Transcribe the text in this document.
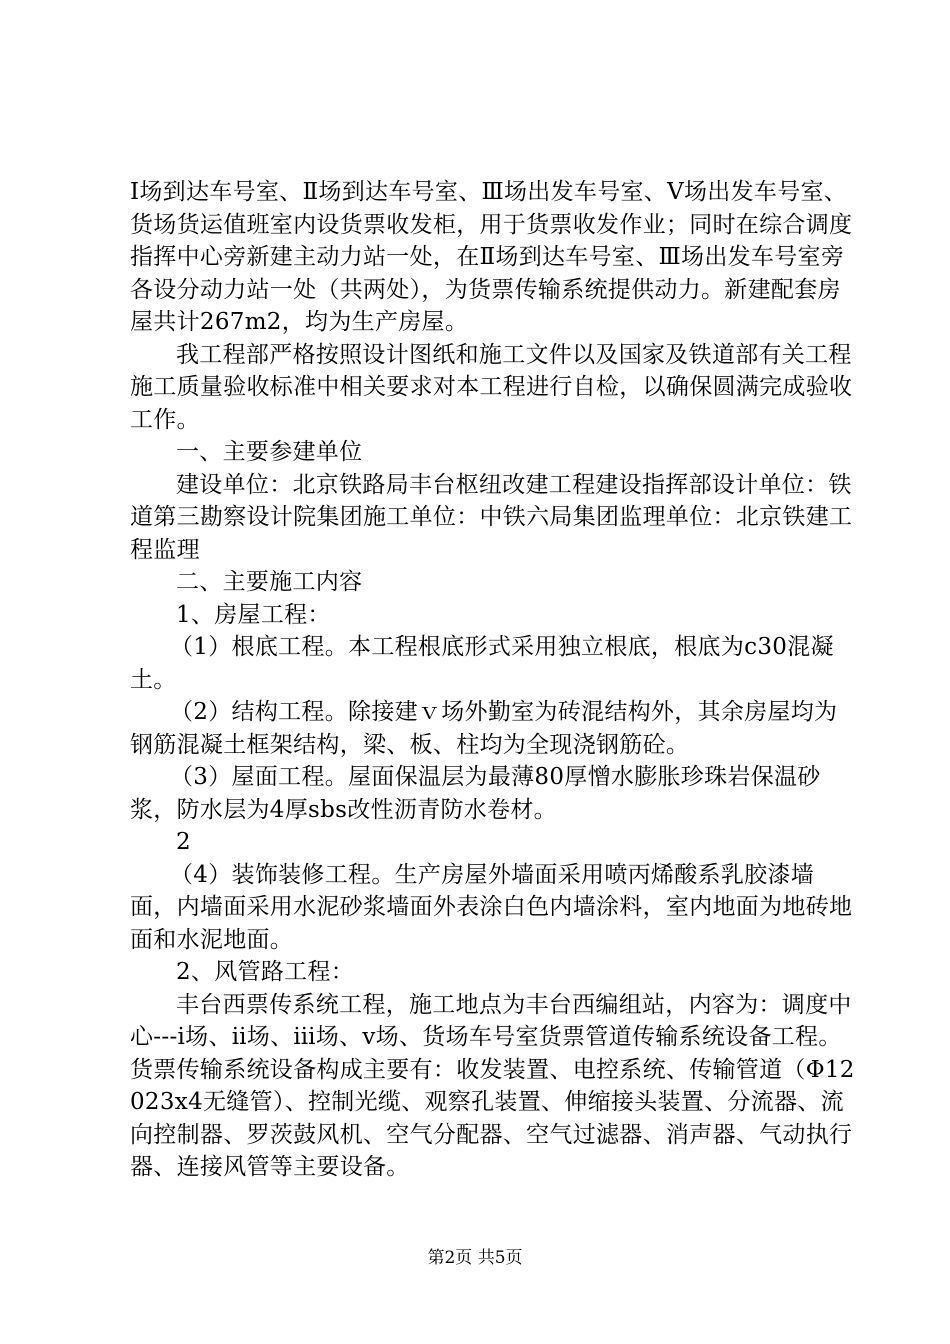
Ⅰ场到达车号室、Ⅱ场到达车号室、Ⅲ场出发车号室、Ⅴ场出发车号室、货场货运值班室内设货票收发柜，用于货票收发作业；同时在综合调度指挥中心旁新建主动力站一处，在Ⅱ场到达车号室、Ⅲ场出发车号室旁各设分动力站一处（共两处），为货票传输系统提供动力。新建配套房屋共计267m2，均为生产房屋。

我工程部严格按照设计图纸和施工文件以及国家及铁道部有关工程施工质量验收标准中相关要求对本工程进行自检，以确保圆满完成验收工作。

一、主要参建单位

建设单位：北京铁路局丰台枢纽改建工程建设指挥部设计单位：铁道第三勘察设计院集团施工单位：中铁六局集团监理单位：北京铁建工程监理

二、主要施工内容

1、房屋工程：

（1）根底工程。本工程根底形式采用独立根底，根底为c30混凝土。

（2）结构工程。除接建ｖ场外勤室为砖混结构外，其余房屋均为钢筋混凝土框架结构，梁、板、柱均为全现浇钢筋砼。

（3）屋面工程。屋面保温层为最薄80厚憎水膨胀珍珠岩保温砂浆，防水层为4厚sbs改性沥青防水卷材。

2

（4）装饰装修工程。生产房屋外墙面采用喷丙烯酸系乳胶漆墙面，内墙面采用水泥砂浆墙面外表涂白色内墙涂料，室内地面为地砖地面和水泥地面。

2、风管路工程：

丰台西票传系统工程，施工地点为丰台西编组站，内容为：调度中心---ⅰ场、ⅱ场、ⅲ场、ⅴ场、货场车号室货票管道传输系统设备工程。货票传输系统设备构成主要有：收发装置、电控系统、传输管道（Φ12023x4无缝管）、控制光缆、观察孔装置、伸缩接头装置、分流器、流向控制器、罗茨鼓风机、空气分配器、空气过滤器、消声器、气动执行器、连接风管等主要设备。

第2页 共5页
